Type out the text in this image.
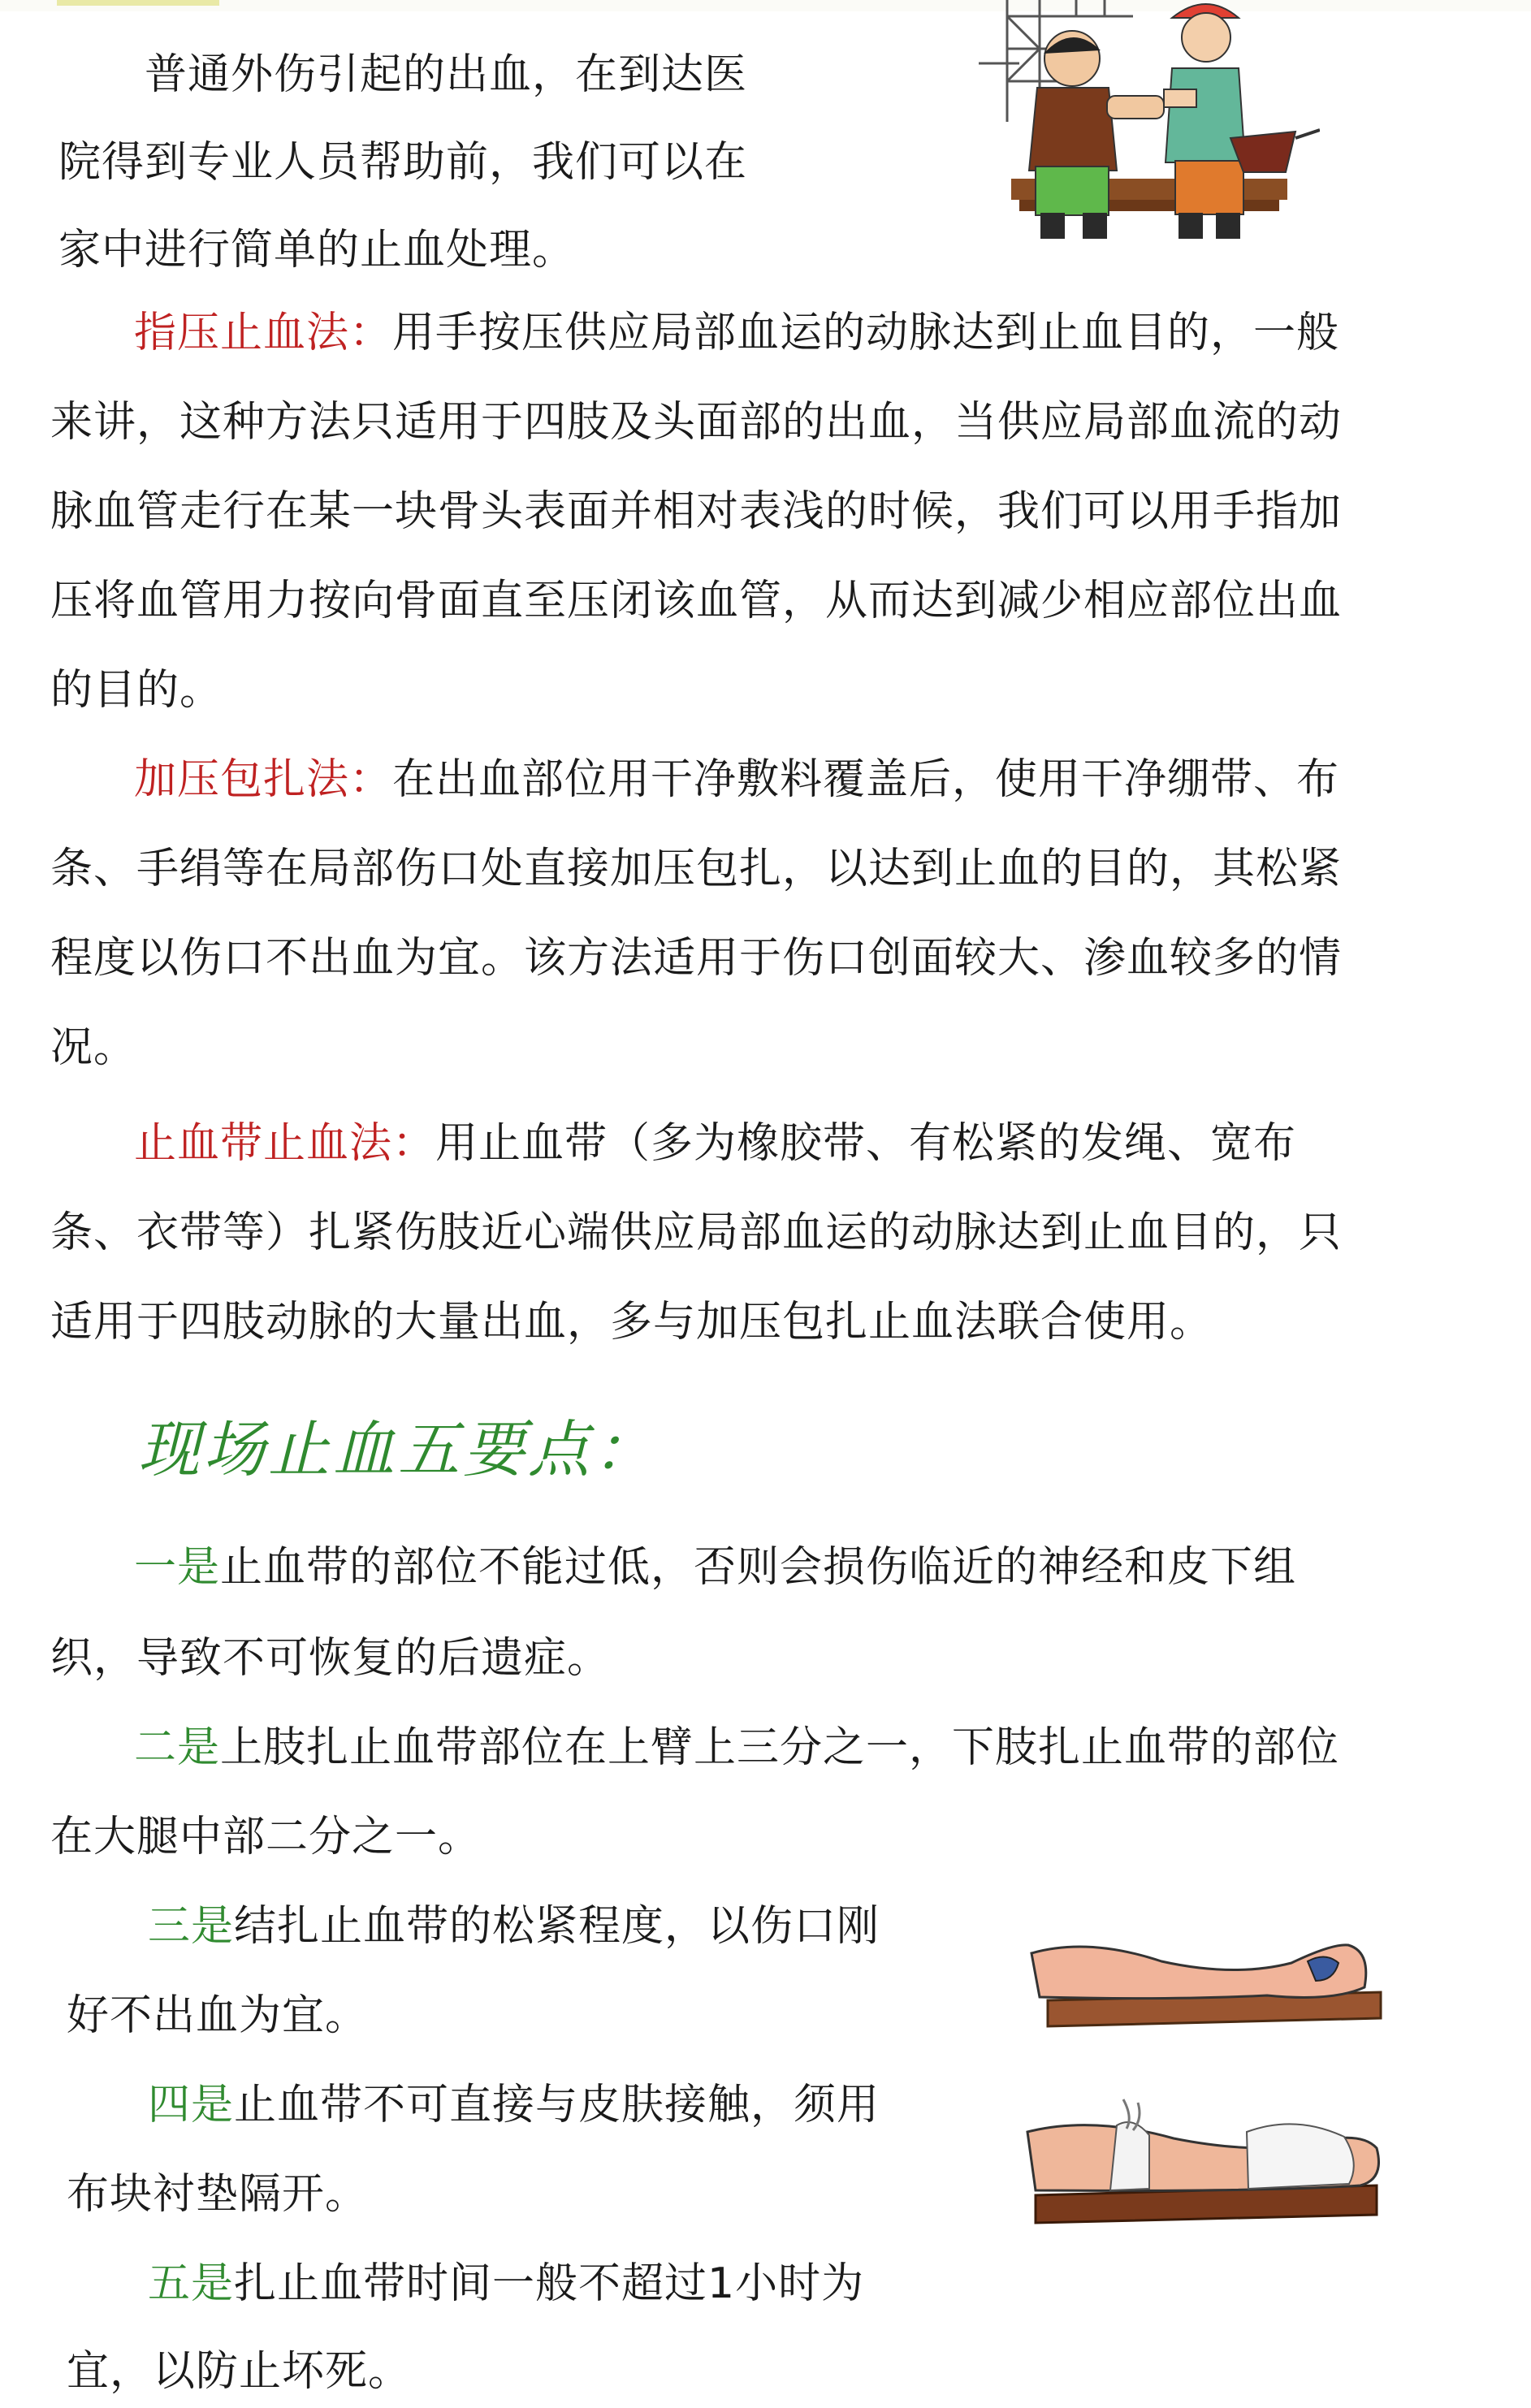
普通外伤引起的出血，在到达医
院得到专业人员帮助前，我们可以在
家中进行简单的止血处理。
指压止血法：用手按压供应局部血运的动脉达到止血目的，一般
来讲，这种方法只适用于四肢及头面部的出血，当供应局部血流的动
脉血管走行在某一块骨头表面并相对表浅的时候，我们可以用手指加
压将血管用力按向骨面直至压闭该血管，从而达到减少相应部位出血
的目的。
加压包扎法：在出血部位用干净敷料覆盖后，使用干净绷带、布
条、手绢等在局部伤口处直接加压包扎，以达到止血的目的，其松紧
程度以伤口不出血为宜。该方法适用于伤口创面较大、渗血较多的情
况。
止血带止血法：用止血带（多为橡胶带、有松紧的发绳、宽布
条、衣带等）扎紧伤肢近心端供应局部血运的动脉达到止血目的，只
适用于四肢动脉的大量出血，多与加压包扎止血法联合使用。
现场止血五要点：
一是止血带的部位不能过低，否则会损伤临近的神经和皮下组
织，导致不可恢复的后遗症。
二是上肢扎止血带部位在上臂上三分之一，下肢扎止血带的部位
在大腿中部二分之一。
三是结扎止血带的松紧程度，以伤口刚
好不出血为宜。
四是止血带不可直接与皮肤接触，须用
布块衬垫隔开。
五是扎止血带时间一般不超过1小时为
宜，以防止坏死。
